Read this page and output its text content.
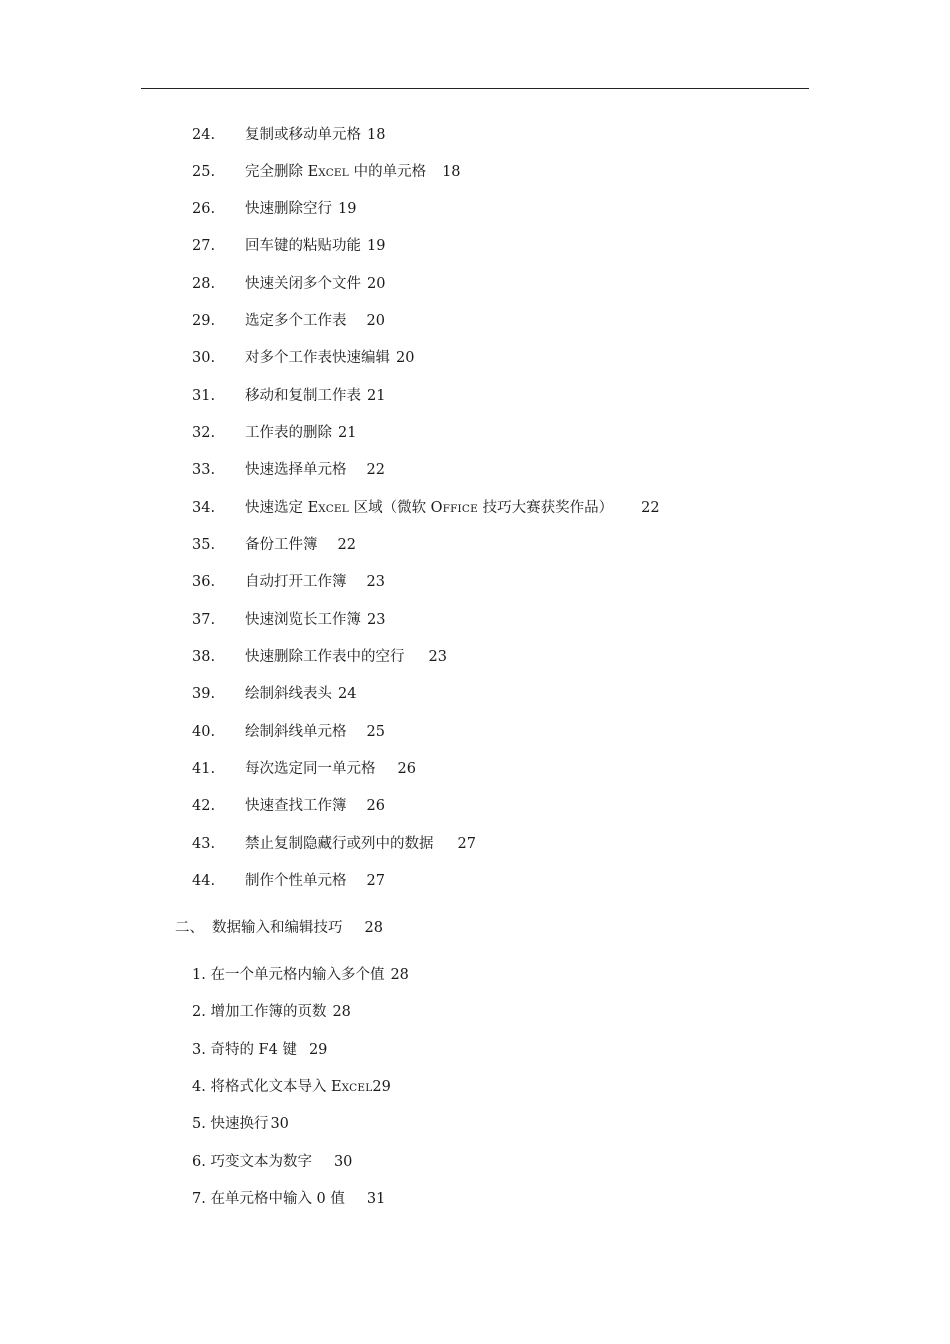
24. 复制或移动单元格 18
25. 完全删除 EXCEL 中的单元格 18
26. 快速删除空行 19
27. 回车键的粘贴功能 19
28. 快速关闭多个文件 20
29. 选定多个工作表 20
30. 对多个工作表快速编辑 20
31. 移动和复制工作表 21
32. 工作表的删除 21
33. 快速选择单元格 22
34. 快速选定 EXCEL 区域（微软 OFFICE 技巧大赛获奖作品） 22
35. 备份工件簿 22
36. 自动打开工作簿 23
37. 快速浏览长工作簿 23
38. 快速删除工作表中的空行 23
39. 绘制斜线表头 24
40. 绘制斜线单元格 25
41. 每次选定同一单元格 26
42. 快速查找工作簿 26
43. 禁止复制隐藏行或列中的数据 27
44. 制作个性单元格 27
二、 数据输入和编辑技巧 28
1. 在一个单元格内输入多个值 28
2. 增加工作簿的页数 28
3. 奇特的 F4 键 29
4. 将格式化文本导入 EXCEL29
5. 快速换行 30
6. 巧变文本为数字 30
7. 在单元格中输入 0 值 31
